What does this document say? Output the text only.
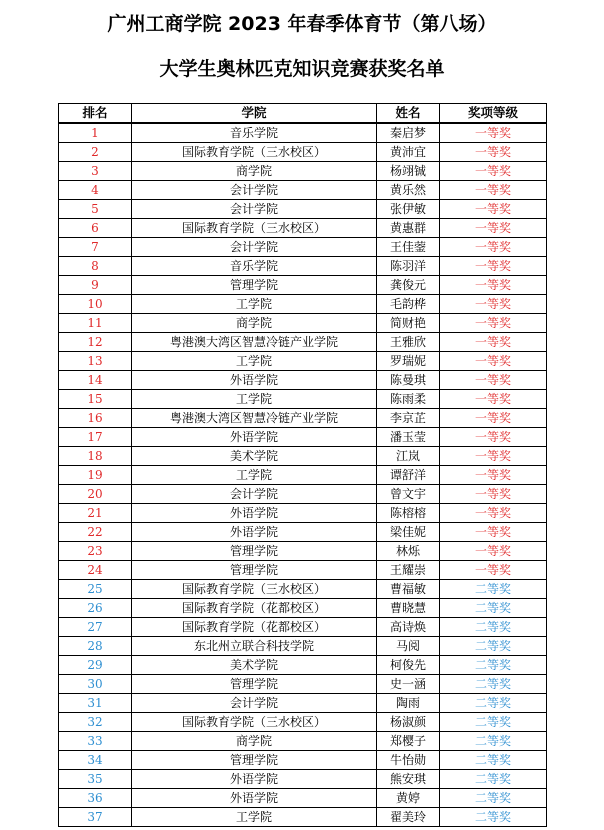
广州工商学院 2023 年春季体育节（第八场）
大学生奥林匹克知识竞赛获奖名单
排名	学院	姓名	奖项等级
1	音乐学院	秦启梦	一等奖
2	国际教育学院（三水校区）	黄沛宜	一等奖
3	商学院	杨翊铖	一等奖
4	会计学院	黄乐然	一等奖
5	会计学院	张伊敏	一等奖
6	国际教育学院（三水校区）	黄惠群	一等奖
7	会计学院	王佳蓥	一等奖
8	音乐学院	陈羽洋	一等奖
9	管理学院	龚俊元	一等奖
10	工学院	毛韵桦	一等奖
11	商学院	简财艳	一等奖
12	粤港澳大湾区智慧冷链产业学院	王雅欣	一等奖
13	工学院	罗瑞妮	一等奖
14	外语学院	陈曼琪	一等奖
15	工学院	陈雨柔	一等奖
16	粤港澳大湾区智慧冷链产业学院	李京芷	一等奖
17	外语学院	潘玉莹	一等奖
18	美术学院	江岚	一等奖
19	工学院	谭舒洋	一等奖
20	会计学院	曾文宇	一等奖
21	外语学院	陈榕榕	一等奖
22	外语学院	梁佳妮	一等奖
23	管理学院	林烁	一等奖
24	管理学院	王耀崇	一等奖
25	国际教育学院（三水校区）	曹福敏	二等奖
26	国际教育学院（花都校区）	曹晓慧	二等奖
27	国际教育学院（花都校区）	高诗焕	二等奖
28	东北州立联合科技学院	马阅	二等奖
29	美术学院	柯俊先	二等奖
30	管理学院	史一涵	二等奖
31	会计学院	陶雨	二等奖
32	国际教育学院（三水校区）	杨淑颜	二等奖
33	商学院	郑樱子	二等奖
34	管理学院	牛怡勋	二等奖
35	外语学院	熊安琪	二等奖
36	外语学院	黄婷	二等奖
37	工学院	翟美玲	二等奖
